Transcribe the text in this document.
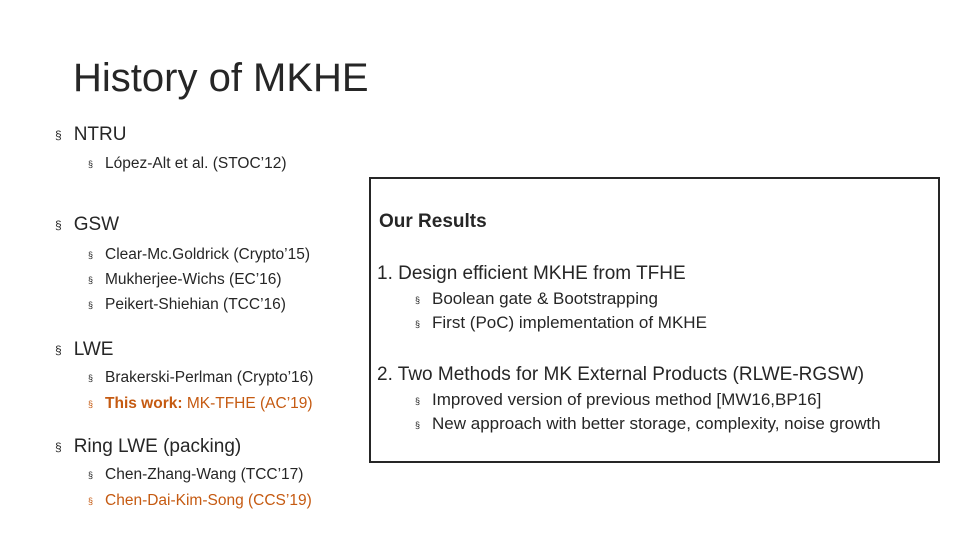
History of MKHE
§ NTRU
§ López-Alt et al. (STOC’12)
§ GSW
§ Clear-Mc.Goldrick (Crypto’15)
§ Mukherjee-Wichs (EC’16)
§ Peikert-Shiehian (TCC’16)
§ LWE
§ Brakerski-Perlman (Crypto’16)
§ This work: MK-TFHE (AC’19)
§ Ring LWE (packing)
§ Chen-Zhang-Wang (TCC’17)
§ Chen-Dai-Kim-Song (CCS’19)
Our Results
1. Design efficient MKHE from TFHE
§ Boolean gate & Bootstrapping
§ First (PoC) implementation of MKHE
2. Two Methods for MK External Products (RLWE-RGSW)
§ Improved version of previous method [MW16,BP16]
§ New approach with better storage, complexity, noise growth
